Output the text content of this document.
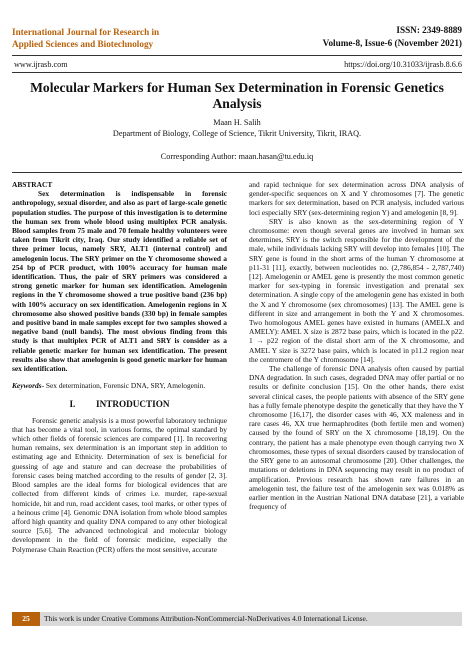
International Journal for Research in
Applied Sciences and Biotechnology
ISSN: 2349-8889
Volume-8, Issue-6 (November 2021)
www.ijrasb.com	https://doi.org/10.31033/ijrasb.8.6.6
Molecular Markers for Human Sex Determination in Forensic Genetics Analysis
Maan H. Salih
Department of Biology, College of Science, Tikrit University, Tikrit, IRAQ.
Corresponding Author: maan.hasan@tu.edu.iq

ABSTRACT

Sex determination is indispensable in forensic anthropology, sexual disorder, and also as part of large-scale genetic population studies. The purpose of this investigation is to determine the human sex from whole blood using multiplex PCR analysis. Blood samples from 75 male and 70 female healthy volunteers were taken from Tikrit city, Iraq. Our study identified a reliable set of three primer locus, namely SRY, ALT1 (internal control) and amelogenin locus. The SRY primer on the Y chromosome showed a 254 bp of PCR product, with 100% accuracy for human male identification. Thus, the pair of SRY primers was considered a strong genetic marker for human sex identification. Amelogenin regions in the Y chromosome showed a true positive band (236 bp) with 100% accuracy on sex identification. Amelogenin regions in X chromosome also showed positive bands (330 bp) in female samples and positive band in male samples except for two samples showed a negative band (null bands). The most obvious finding from this study is that multiplex PCR of ALT1 and SRY is consider as a reliable genetic marker for human sex identification. The present results also show that amelogenin is good genetic marker for human sex identification.

Keywords- Sex determination, Forensic DNA, SRY, Amelogenin.

I.         INTRODUCTION

Forensic genetic analysis is a most powerful laboratory technique that has become a vital tool, in various forms, the optimal standard by which other fields of forensic sciences are compared [1]. In recovering human remains, sex determination is an important step in addition to estimating age and Ethnicity. Determination of sex is beneficial for guessing of age and stature and can decrease the probabilities of forensic cases being matched according to the results of gender [2, 3]. Blood samples are the ideal forms for biological evidences that are collected from different kinds of crimes i.e. murder, rape-sexual homicide, hit and run, road accident cases, tool marks, or other types of a heinous crime [4]. Genomic DNA isolation from whole blood samples afford high quantity and quality DNA compared to any other biological source [5,6]. The advanced technological and molecular biology development in the field of forensic medicine, especially the Polymerase Chain Reaction (PCR) offers the most sensitive, accurate

and rapid technique for sex determination across DNA analysis of gender-specific sequences on X and Y chromosomes [7]. The genetic markers for sex determination, based on PCR analysis, included various loci especially SRY (sex-determining region Y) and amelogenin [8, 9].

SRY is also known as the sex-determining region of Y chromosome: even though several genes are involved in human sex determines, SRY is the switch responsible for the development of the male, while individuals lacking SRY will develop into females [10]. The SRY gene is found in the short arms of the human Y chromosome at p11-31 [11], exactly, between nucleotides no. (2,786,854 - 2,787,740) [12]. Amelogenin or AMEL gene is presently the most common genetic marker for sex-typing in forensic investigation and prenatal sex determination. A single copy of the amelogenin gene has existed in both the X and Y chromosome (sex chromosomes) [13]. The AMEL gene is different in size and arrangement in both the Y and X chromosomes. Two homologous AMEL genes have existed in humans (AMELX and AMELY): AMEL X size is 2872 base pairs, which is located in the p22. 1 → p22 region of the distal short arm of the X chromosome, and AMEL Y size is 3272 base pairs, which is located in p11.2 region near the centromere of the Y chromosome [14].

The challenge of forensic DNA analysis often caused by partial DNA degradation. In such cases, degraded DNA may offer partial or no results or definite conclusion [15]. On the other hands, there exist several clinical cases, the people patients with absence of the SRY gene has a fully female phenotype despite the genetically that they have the Y chromosome [16,17], the disorder cases with 46, XX maleness and in rare cases 46, XX true hermaphrodites (both fertile men and women) caused by the found of SRY on the X chromosome [18,19]. On the contrary, the patient has a male phenotype even though carrying two X chromosomes, these types of sexual disorders caused by translocation of the SRY gene to an autosomal chromosome [20]. Other challenges, the mutations or deletions in DNA sequencing may result in no product of amplification. Previous research has shown rare failures in an amelogenin test, the failure test of the amelogenin sex was 0.018% as earlier mention in the Austrian National DNA database [21], a variable frequency of

25	This work is under Creative Commons Attribution-NonCommercial-NoDerivatives 4.0 International License.
